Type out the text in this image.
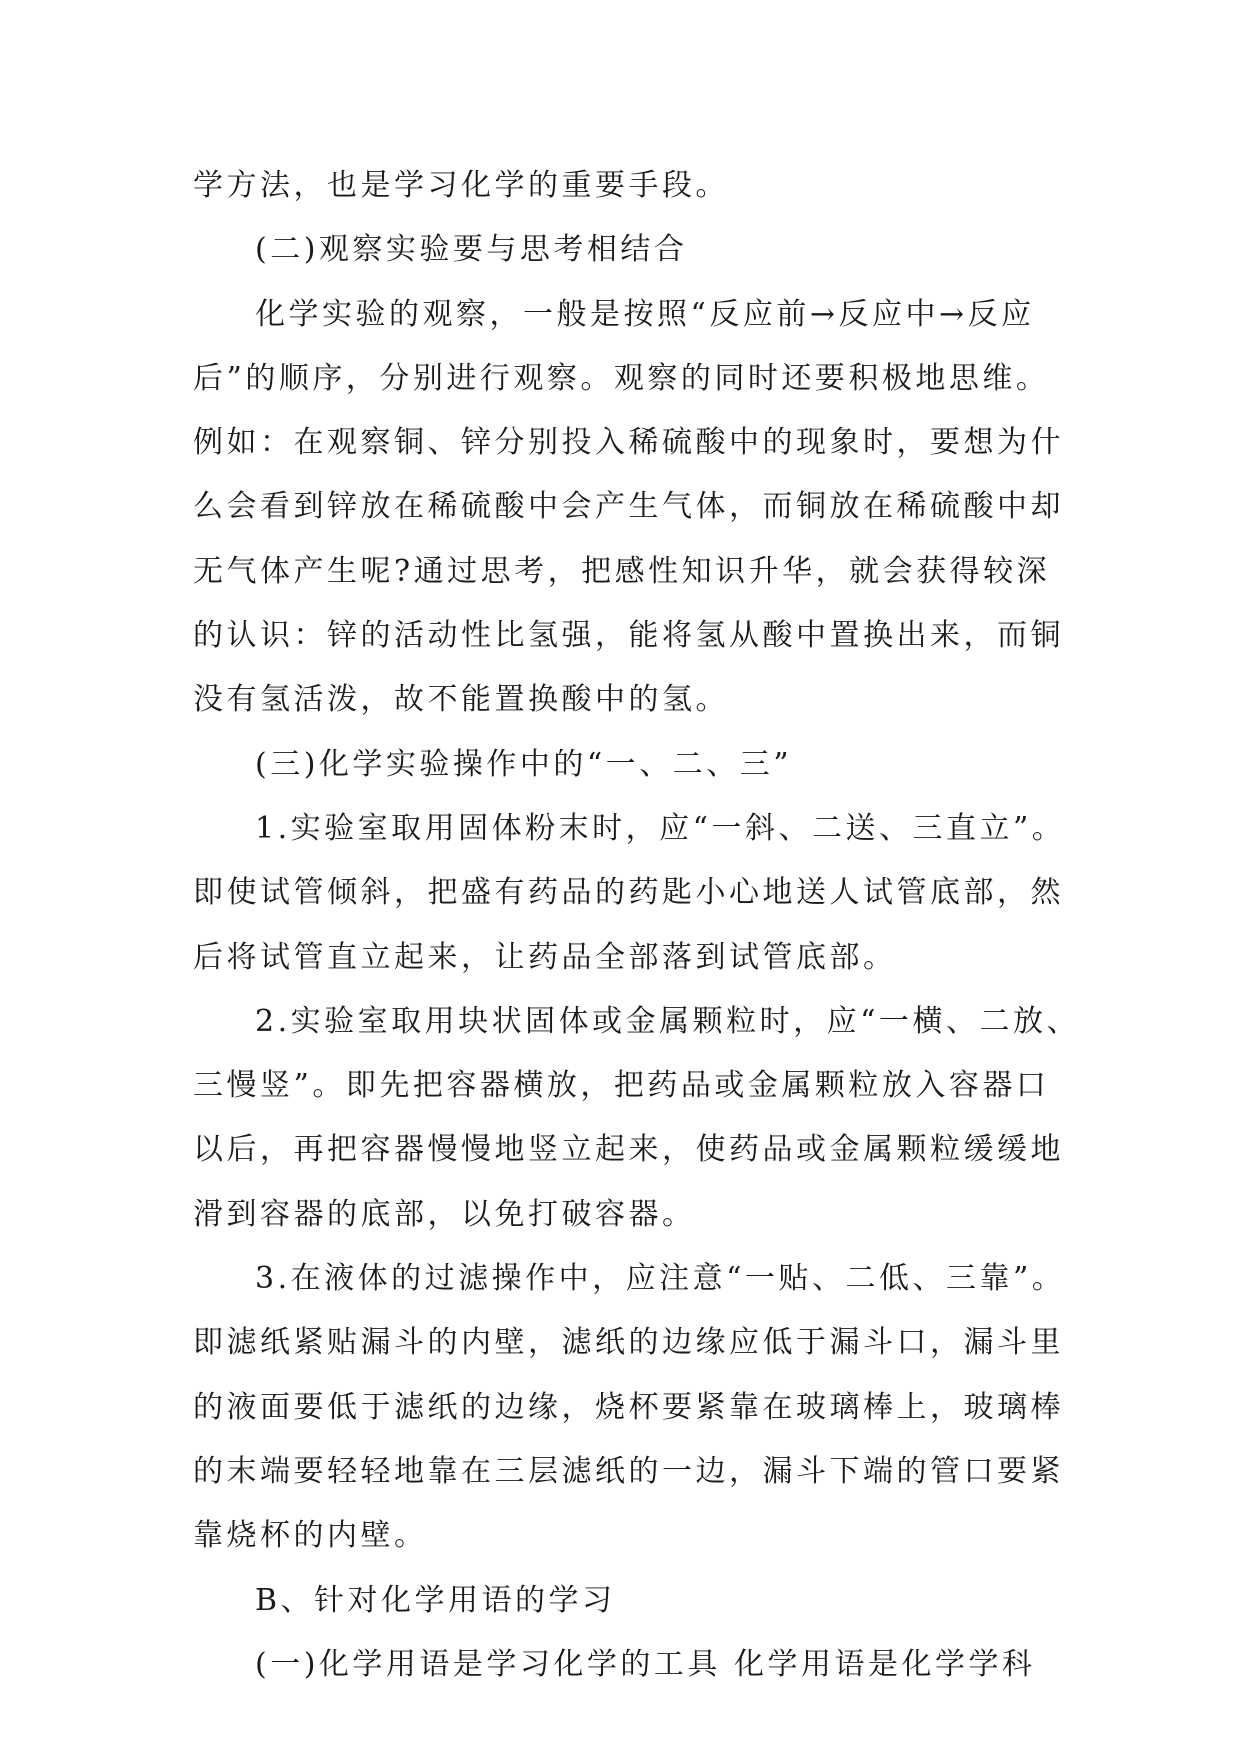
学方法，也是学习化学的重要手段。
(二)观察实验要与思考相结合
化学实验的观察，一般是按照“反应前→反应中→反应
后”的顺序，分别进行观察。观察的同时还要积极地思维。
例如：在观察铜、锌分别投入稀硫酸中的现象时，要想为什
么会看到锌放在稀硫酸中会产生气体，而铜放在稀硫酸中却
无气体产生呢?通过思考，把感性知识升华，就会获得较深
的认识：锌的活动性比氢强，能将氢从酸中置换出来，而铜
没有氢活泼，故不能置换酸中的氢。
(三)化学实验操作中的“一、二、三”
1.实验室取用固体粉末时，应“一斜、二送、三直立”。
即使试管倾斜，把盛有药品的药匙小心地送人试管底部，然
后将试管直立起来，让药品全部落到试管底部。
2.实验室取用块状固体或金属颗粒时，应“一横、二放、
三慢竖”。即先把容器横放，把药品或金属颗粒放入容器口
以后，再把容器慢慢地竖立起来，使药品或金属颗粒缓缓地
滑到容器的底部，以免打破容器。
3.在液体的过滤操作中，应注意“一贴、二低、三靠”。
即滤纸紧贴漏斗的内壁，滤纸的边缘应低于漏斗口，漏斗里
的液面要低于滤纸的边缘，烧杯要紧靠在玻璃棒上，玻璃棒
的末端要轻轻地靠在三层滤纸的一边，漏斗下端的管口要紧
靠烧杯的内壁。
B、针对化学用语的学习
(一)化学用语是学习化学的工具 化学用语是化学学科
